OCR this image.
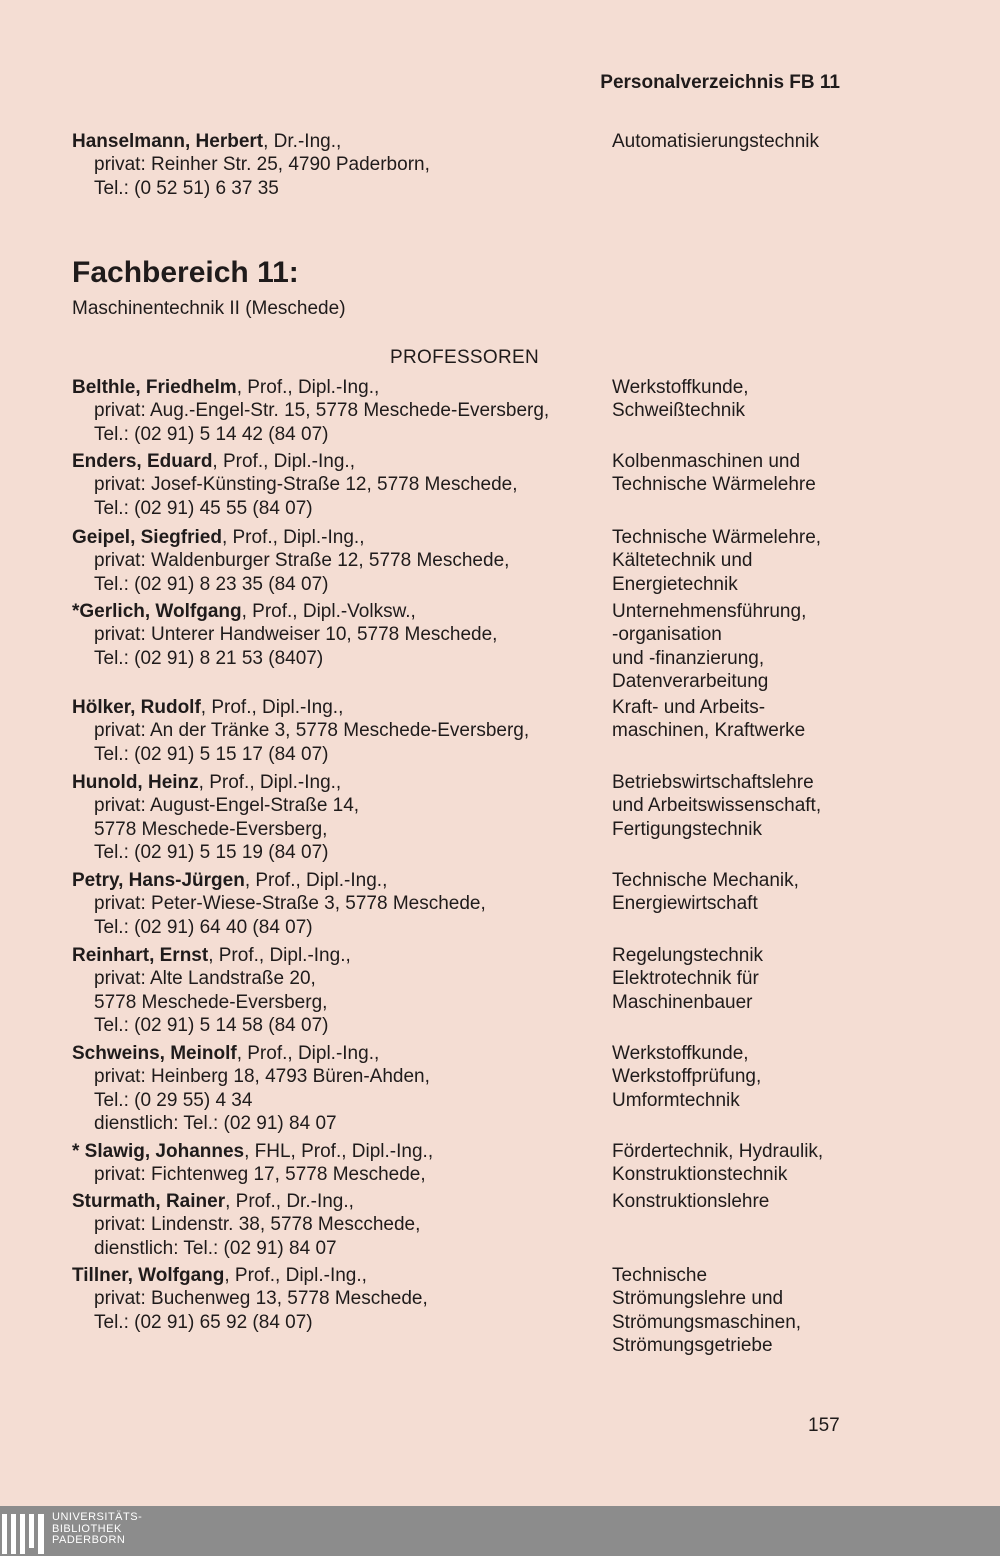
Personalverzeichnis FB 11
Hanselmann, Herbert, Dr.-Ing.,
privat: Reinher Str. 25, 4790 Paderborn,
Tel.: (0 52 51) 6 37 35
Automatisierungstechnik
Fachbereich 11:
Maschinentechnik II (Meschede)
PROFESSOREN
Belthle, Friedhelm, Prof., Dipl.-Ing.,
privat: Aug.-Engel-Str. 15, 5778 Meschede-Eversberg,
Tel.: (02 91) 5 14 42 (84 07)
Werkstoffkunde,
Schweißtechnik
Enders, Eduard, Prof., Dipl.-Ing.,
privat: Josef-Künsting-Straße 12, 5778 Meschede,
Tel.: (02 91) 45 55 (84 07)
Kolbenmaschinen und
Technische Wärmelehre
Geipel, Siegfried, Prof., Dipl.-Ing.,
privat: Waldenburger Straße 12, 5778 Meschede,
Tel.: (02 91) 8 23 35 (84 07)
Technische Wärmelehre,
Kältetechnik und
Energietechnik
*Gerlich, Wolfgang, Prof., Dipl.-Volksw.,
privat: Unterer Handweiser 10, 5778 Meschede,
Tel.: (02 91) 8 21 53 (8407)
Unternehmensführung,
-organisation
und -finanzierung,
Datenverarbeitung
Hölker, Rudolf, Prof., Dipl.-Ing.,
privat: An der Tränke 3, 5778 Meschede-Eversberg,
Tel.: (02 91) 5 15 17 (84 07)
Kraft- und Arbeits-
maschinen, Kraftwerke
Hunold, Heinz, Prof., Dipl.-Ing.,
privat: August-Engel-Straße 14,
5778 Meschede-Eversberg,
Tel.: (02 91) 5 15 19 (84 07)
Betriebswirtschaftslehre
und Arbeitswissenschaft,
Fertigungstechnik
Petry, Hans-Jürgen, Prof., Dipl.-Ing.,
privat: Peter-Wiese-Straße 3, 5778 Meschede,
Tel.: (02 91) 64 40 (84 07)
Technische Mechanik,
Energiewirtschaft
Reinhart, Ernst, Prof., Dipl.-Ing.,
privat: Alte Landstraße 20,
5778 Meschede-Eversberg,
Tel.: (02 91) 5 14 58 (84 07)
Regelungstechnik
Elektrotechnik für
Maschinenbauer
Schweins, Meinolf, Prof., Dipl.-Ing.,
privat: Heinberg 18, 4793 Büren-Ahden,
Tel.: (0 29 55) 4 34
dienstlich: Tel.: (02 91) 84 07
Werkstoffkunde,
Werkstoffprüfung,
Umformtechnik
* Slawig, Johannes, FHL, Prof., Dipl.-Ing.,
privat: Fichtenweg 17, 5778 Meschede,
Fördertechnik, Hydraulik,
Konstruktionstechnik
Sturmath, Rainer, Prof., Dr.-Ing.,
privat: Lindenstr. 38, 5778 Mescchede,
dienstlich: Tel.: (02 91) 84 07
Konstruktionslehre
Tillner, Wolfgang, Prof., Dipl.-Ing.,
privat: Buchenweg 13, 5778 Meschede,
Tel.: (02 91) 65 92 (84 07)
Technische
Strömungslehre und
Strömungsmaschinen,
Strömungsgetriebe
157
UNIVERSITÄTS-
BIBLIOTHEK
PADERBORN
